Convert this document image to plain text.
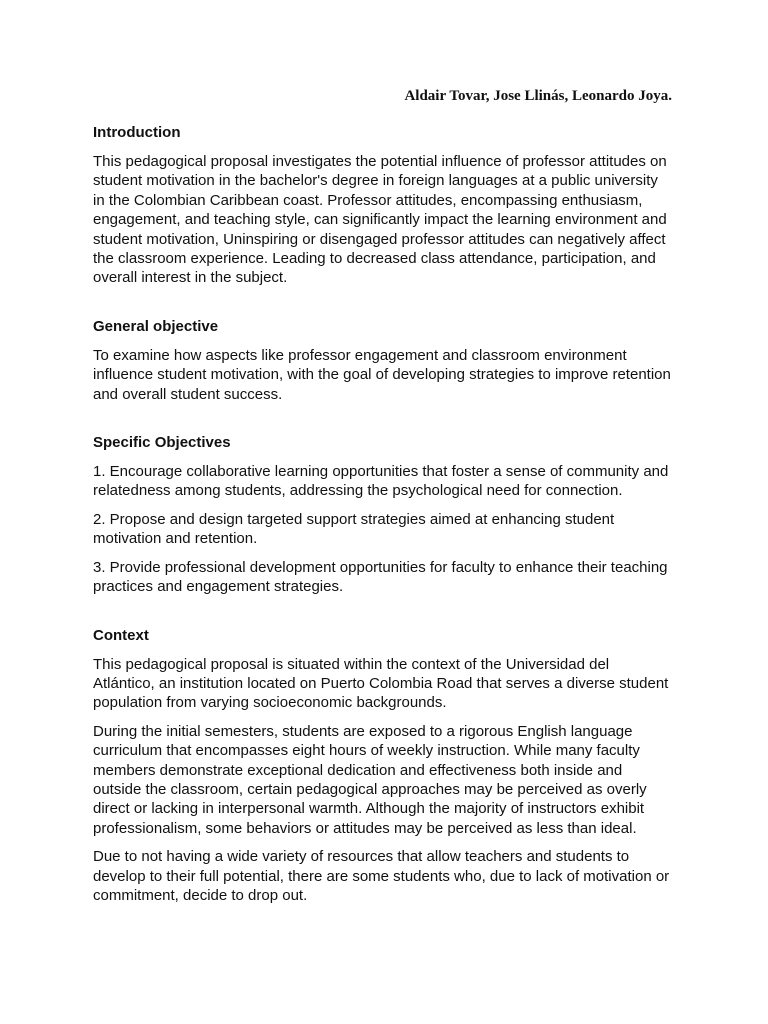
Aldair Tovar, Jose Llinás, Leonardo Joya.
Introduction
This pedagogical proposal investigates the potential influence of professor attitudes on student motivation in the bachelor's degree in foreign languages at a public university in the Colombian Caribbean coast. Professor attitudes, encompassing enthusiasm, engagement, and teaching style, can significantly impact the learning environment and student motivation, Uninspiring or disengaged professor attitudes can negatively affect the classroom experience. Leading to decreased class attendance, participation, and overall interest in the subject.
General objective
To examine how aspects like professor engagement and classroom environment influence student motivation, with the goal of developing strategies to improve retention and overall student success.
Specific Objectives
1. Encourage collaborative learning opportunities that foster a sense of community and relatedness among students, addressing the psychological need for connection.
2. Propose and design targeted support strategies aimed at enhancing student motivation and retention.
3. Provide professional development opportunities for faculty to enhance their teaching practices and engagement strategies.
Context
This pedagogical proposal is situated within the context of the Universidad del Atlántico, an institution located on Puerto Colombia Road that serves a diverse student population from varying socioeconomic backgrounds.
During the initial semesters, students are exposed to a rigorous English language curriculum that encompasses eight hours of weekly instruction. While many faculty members demonstrate exceptional dedication and effectiveness both inside and outside the classroom, certain pedagogical approaches may be perceived as overly direct or lacking in interpersonal warmth. Although the majority of instructors exhibit professionalism, some behaviors or attitudes may be perceived as less than ideal.
Due to not having a wide variety of resources that allow teachers and students to develop to their full potential, there are some students who, due to lack of motivation or commitment, decide to drop out.
